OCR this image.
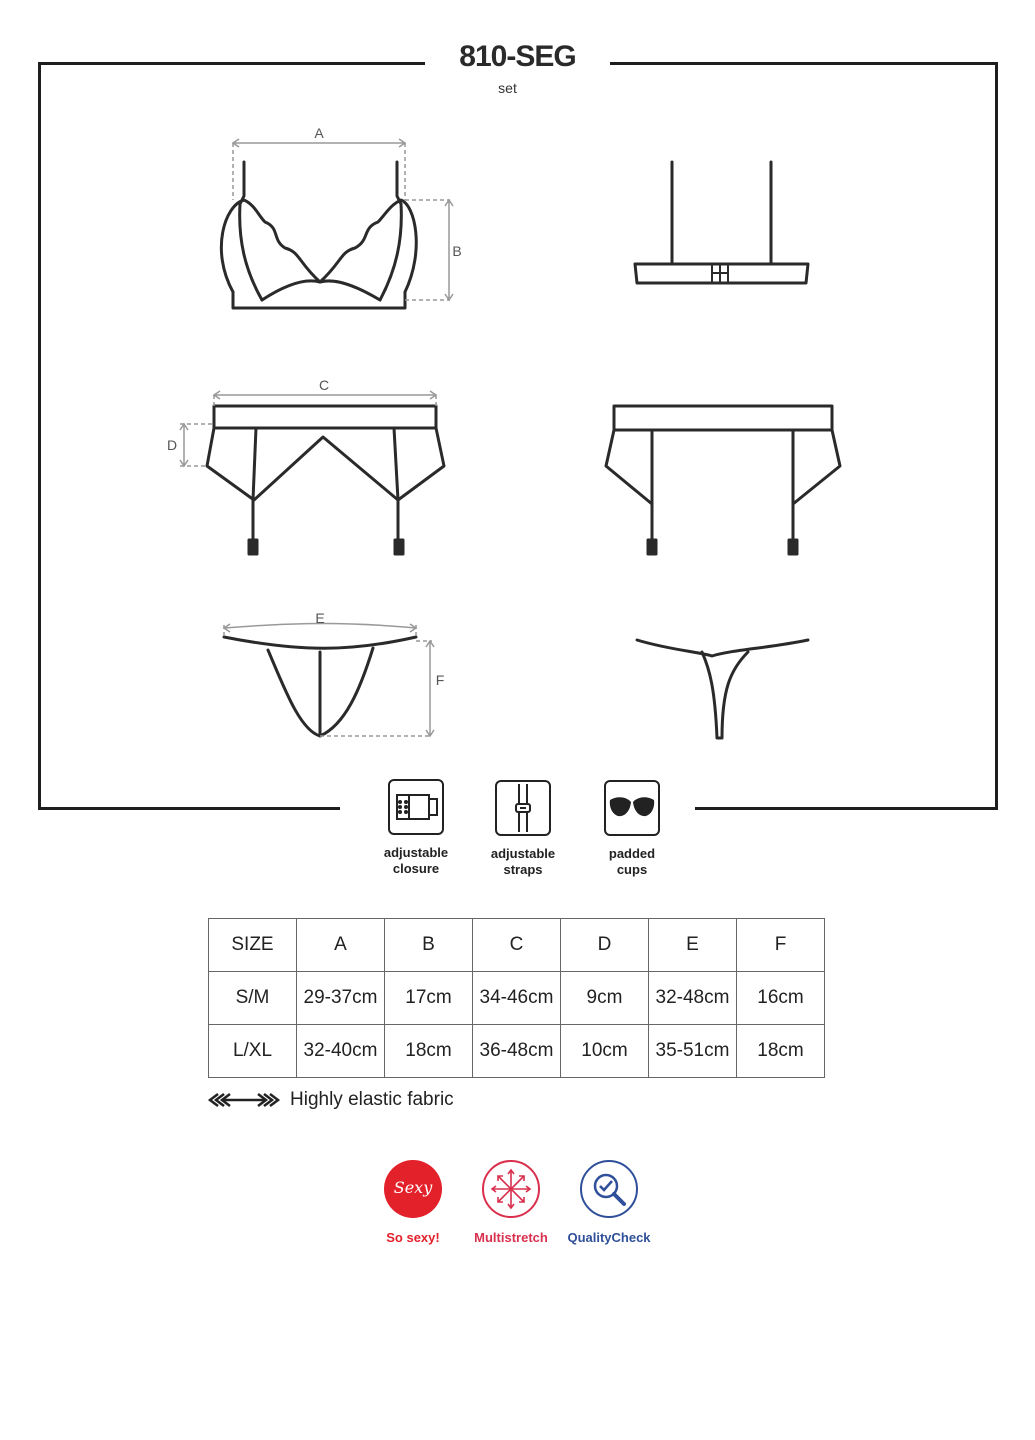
810-SEG
set
A
B
C
D
E
F
adjustable
closure
adjustable
straps
padded
cups
SIZE	A	B	C	D	E	F
S/M	29-37cm	17cm	34-46cm	9cm	32-48cm	16cm
L/XL	32-40cm	18cm	36-48cm	10cm	35-51cm	18cm
Highly elastic fabric
Sexy
So sexy!	Multistretch	QualityCheck
